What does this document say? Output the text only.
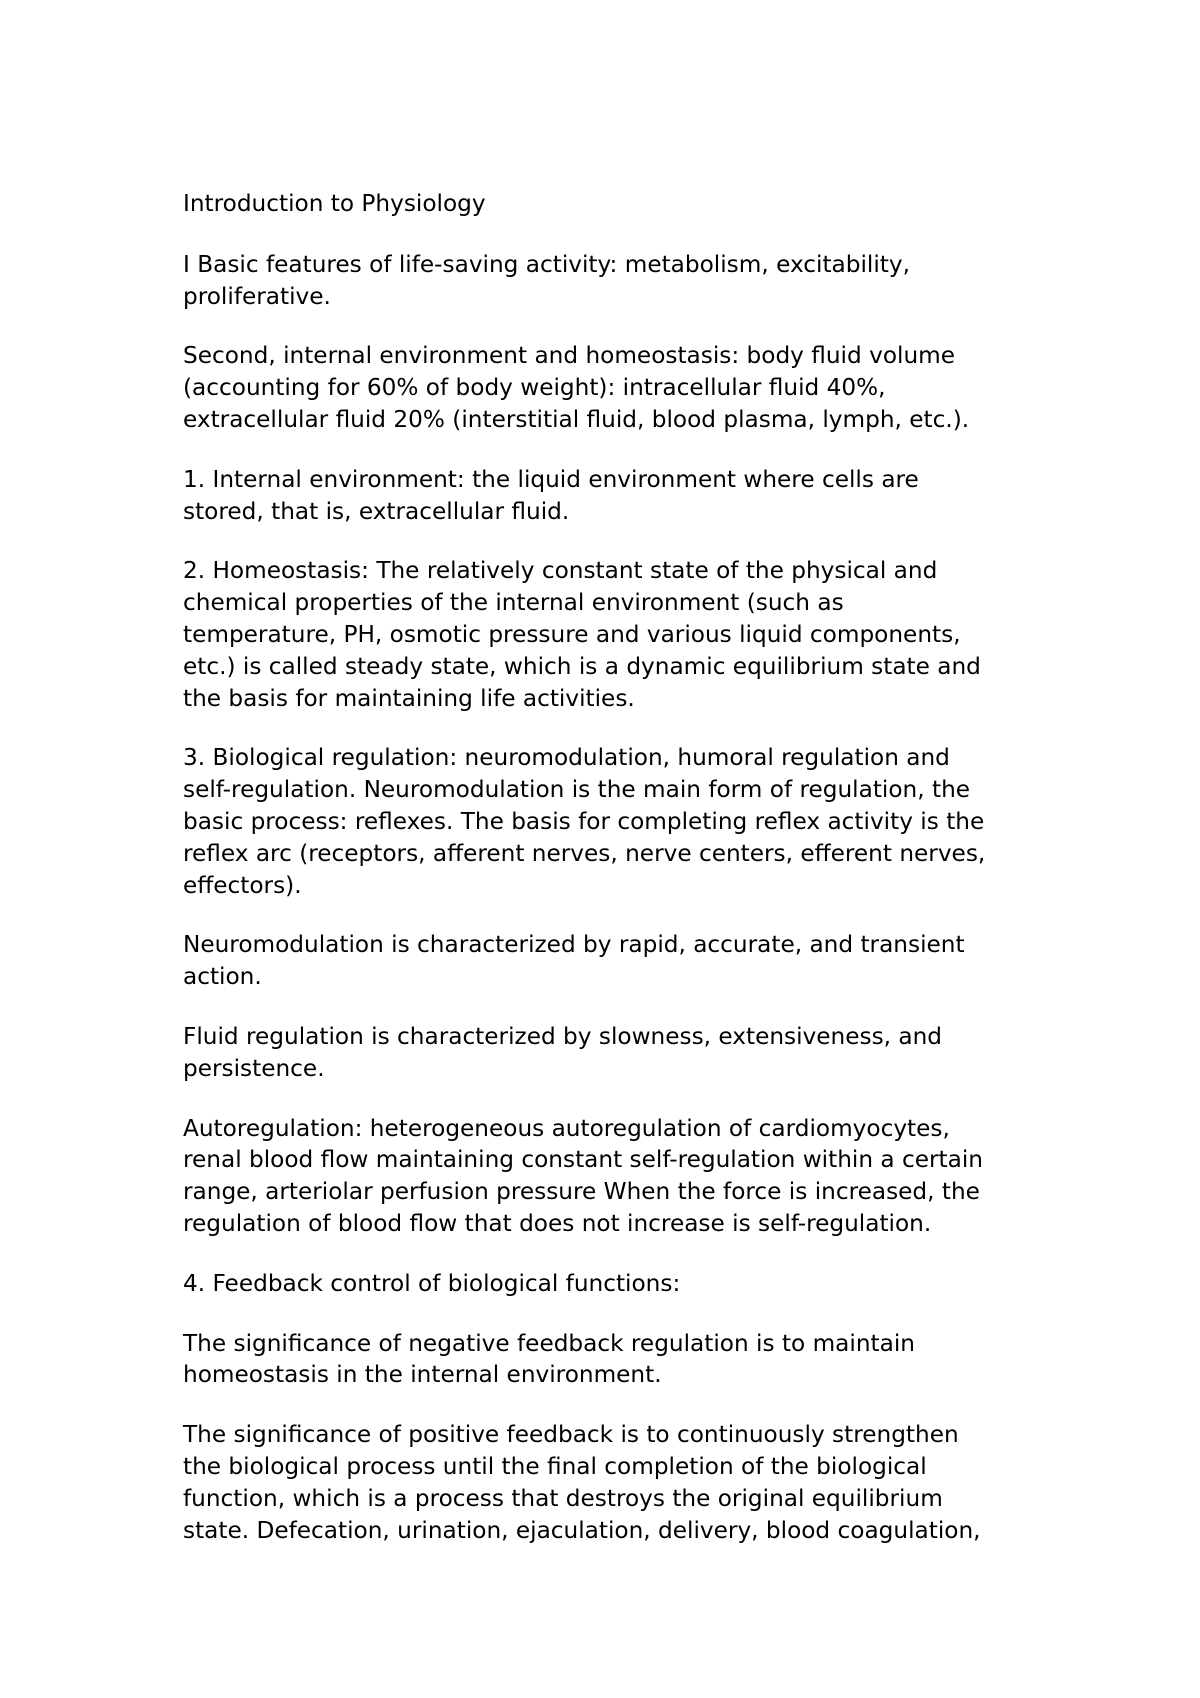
Introduction to Physiology

I Basic features of life-saving activity: metabolism, excitability,
proliferative.

Second, internal environment and homeostasis: body fluid volume
(accounting for 60% of body weight): intracellular fluid 40%,
extracellular fluid 20% (interstitial fluid, blood plasma, lymph, etc.).

1. Internal environment: the liquid environment where cells are
stored, that is, extracellular fluid.

2. Homeostasis: The relatively constant state of the physical and
chemical properties of the internal environment (such as
temperature, PH, osmotic pressure and various liquid components,
etc.) is called steady state, which is a dynamic equilibrium state and
the basis for maintaining life activities.

3. Biological regulation: neuromodulation, humoral regulation and
self-regulation. Neuromodulation is the main form of regulation, the
basic process: reflexes. The basis for completing reflex activity is the
reflex arc (receptors, afferent nerves, nerve centers, efferent nerves,
effectors).

Neuromodulation is characterized by rapid, accurate, and transient
action.

Fluid regulation is characterized by slowness, extensiveness, and
persistence.

Autoregulation: heterogeneous autoregulation of cardiomyocytes,
renal blood flow maintaining constant self-regulation within a certain
range, arteriolar perfusion pressure When the force is increased, the
regulation of blood flow that does not increase is self-regulation.

4. Feedback control of biological functions:

The significance of negative feedback regulation is to maintain
homeostasis in the internal environment.

The significance of positive feedback is to continuously strengthen
the biological process until the final completion of the biological
function, which is a process that destroys the original equilibrium
state. Defecation, urination, ejaculation, delivery, blood coagulation,
